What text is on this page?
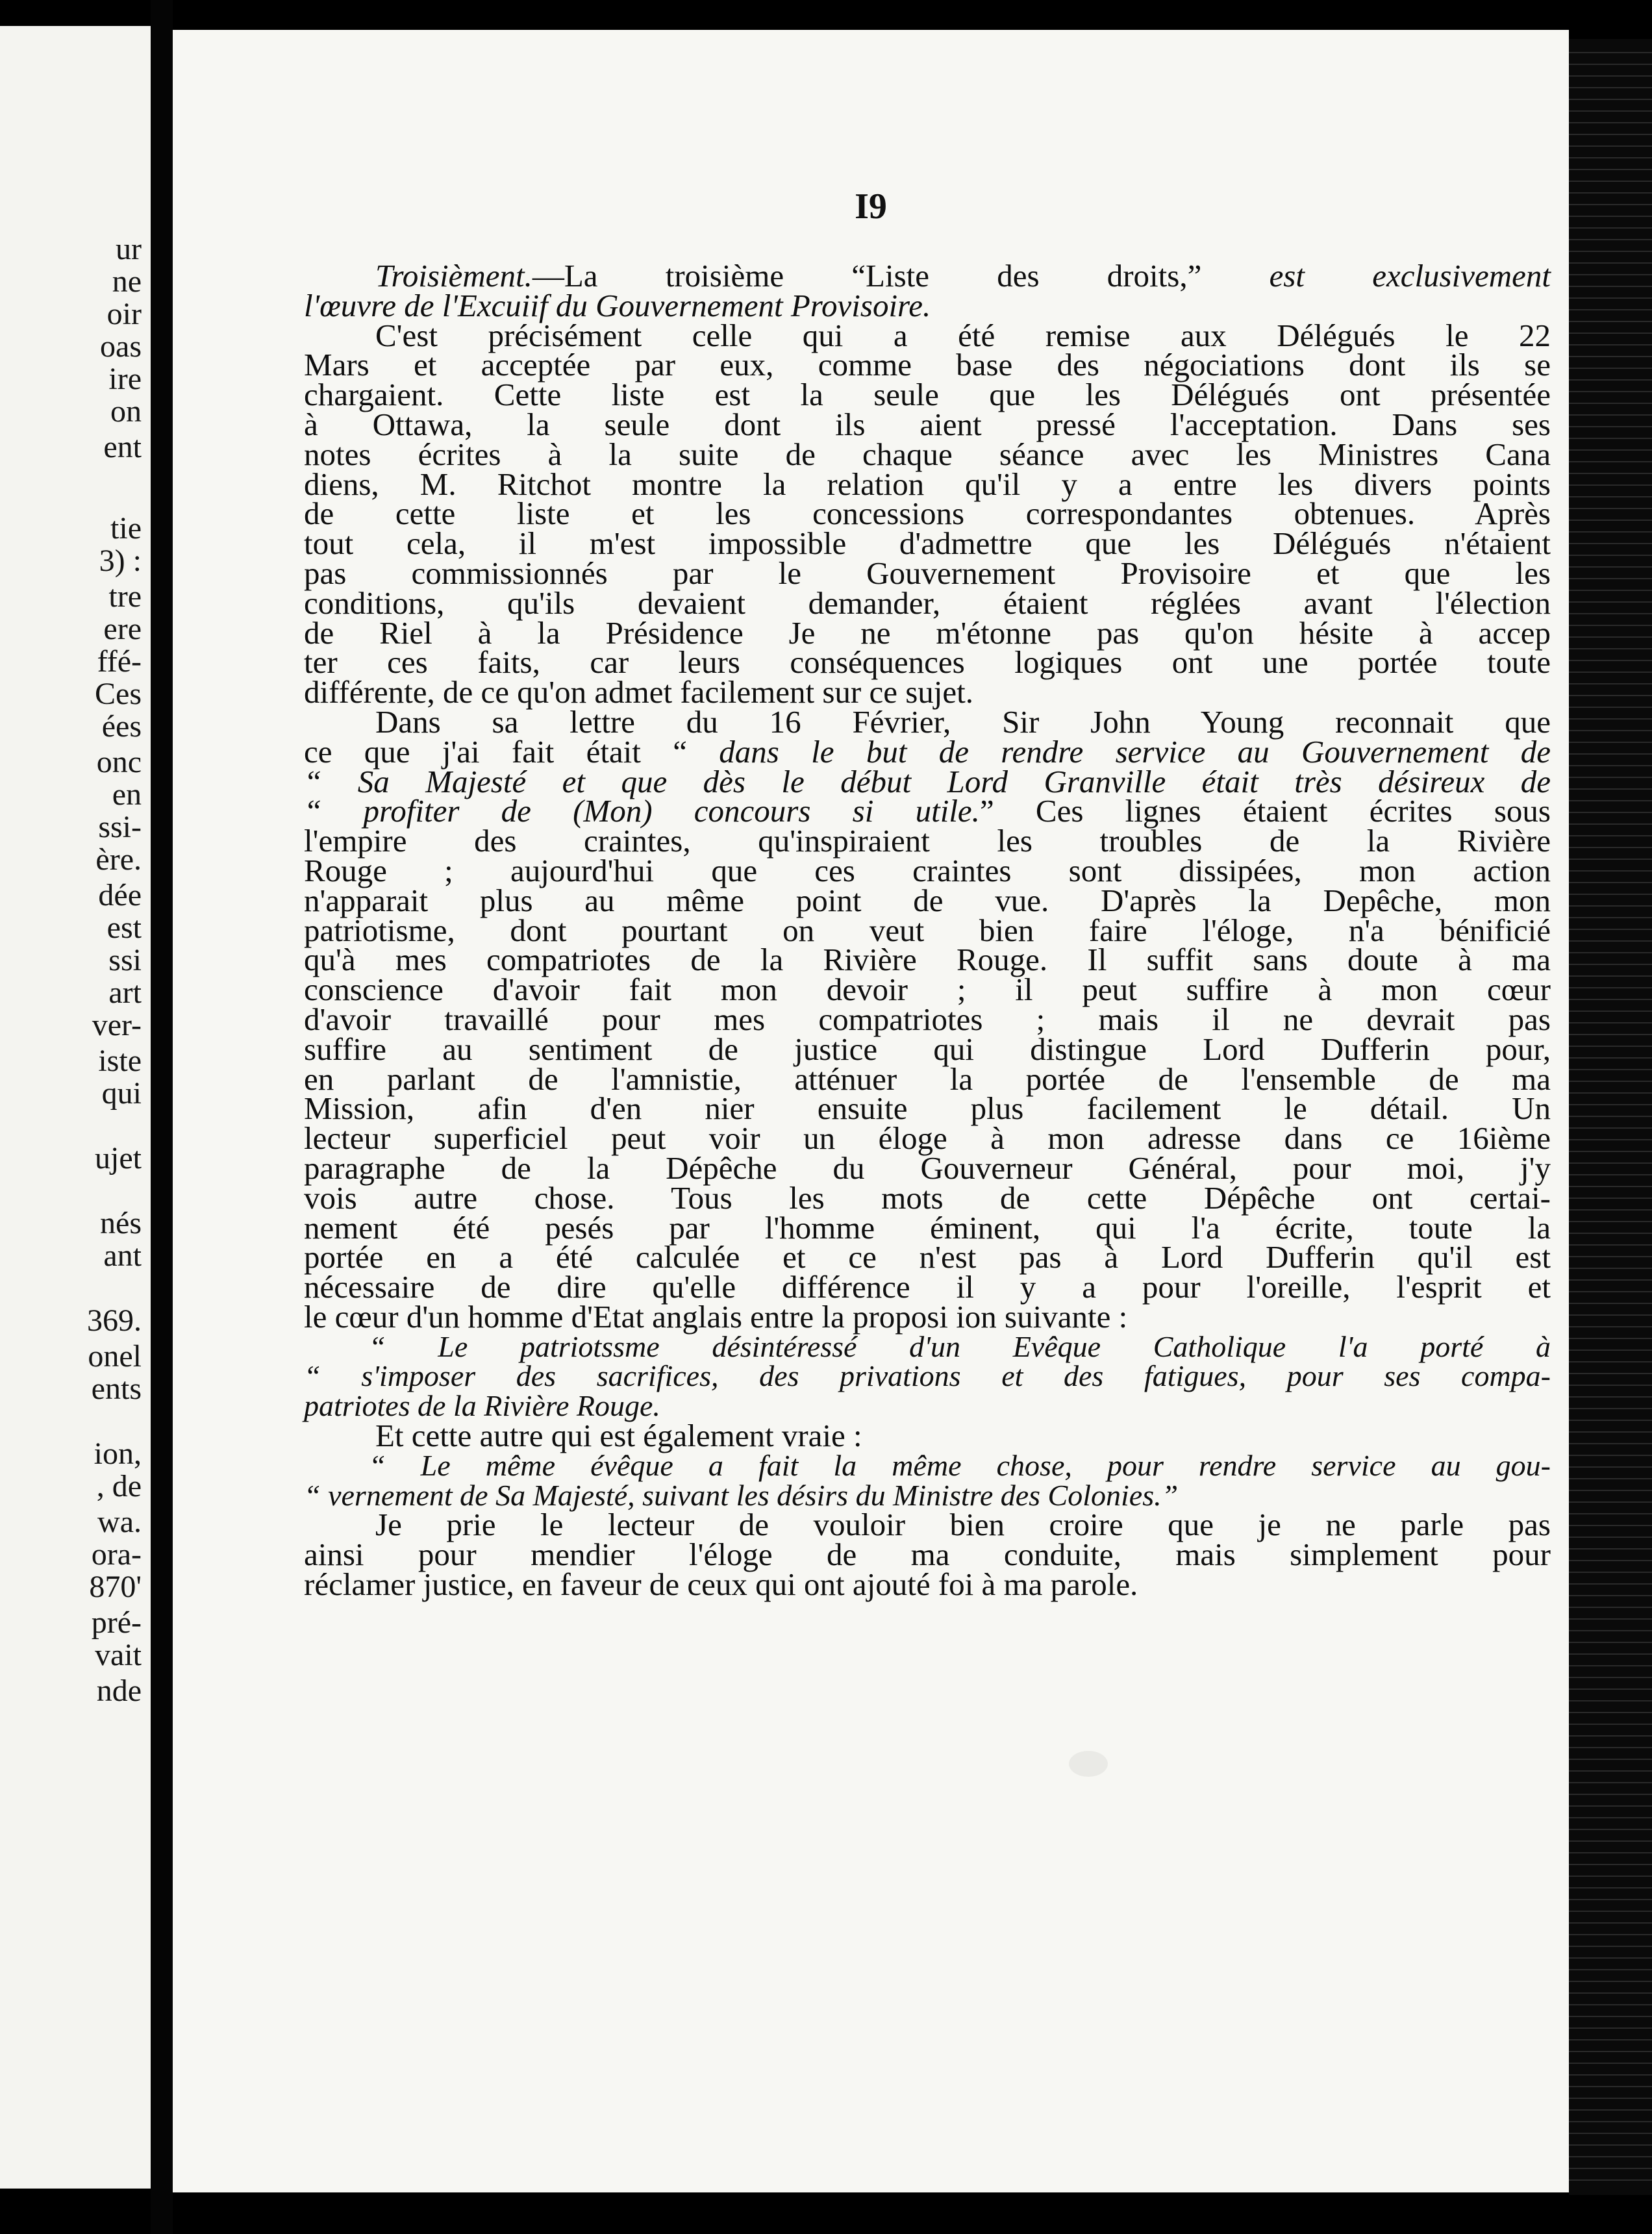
ur
ne
oir
oas
ire
on
ent
tie
3) :
tre
ere
ffé-
Ces
ées
onc
en
ssi-
ère.
dée
est
ssi
art
ver-
iste
qui
ujet
nés
ant
369.
onel
ents
ion,
, de
wa.
ora-
870'
pré-
vait
nde
I9
Troisièment.—La troisième “Liste des droits,” est exclusivement
l'œuvre de l'Excuiif du Gouvernement Provisoire.
C'est précisément celle qui a été remise aux Délégués le 22
Mars et acceptée par eux, comme base des négociations dont ils se
chargaient. Cette liste est la seule que les Délégués ont présentée
à Ottawa, la seule dont ils aient pressé l'acceptation. Dans ses
notes écrites à la suite de chaque séance avec les Ministres Cana
diens, M. Ritchot montre la relation qu'il y a entre les divers points
de cette liste et les concessions correspondantes obtenues. Après
tout cela, il m'est impossible d'admettre que les Délégués n'étaient
pas commissionnés par le Gouvernement Provisoire et que les
conditions, qu'ils devaient demander, étaient réglées avant l'élection
de Riel à la Présidence Je ne m'étonne pas qu'on hésite à accep
ter ces faits, car leurs conséquences logiques ont une portée toute
différente, de ce qu'on admet facilement sur ce sujet.
Dans sa lettre du 16 Février, Sir John Young reconnait que
ce que j'ai fait était “ dans le but de rendre service au Gouvernement de
“ Sa Majesté et que dès le début Lord Granville était très désireux de
“ profiter de (Mon) concours si utile.” Ces lignes étaient écrites sous
l'empire des craintes, qu'inspiraient les troubles de la Rivière
Rouge ; aujourd'hui que ces craintes sont dissipées, mon action
n'apparait plus au même point de vue. D'après la Depêche, mon
patriotisme, dont pourtant on veut bien faire l'éloge, n'a bénificié
qu'à mes compatriotes de la Rivière Rouge. Il suffit sans doute à ma
conscience d'avoir fait mon devoir ; il peut suffire à mon cœur
d'avoir travaillé pour mes compatriotes ; mais il ne devrait pas
suffire au sentiment de justice qui distingue Lord Dufferin pour,
en parlant de l'amnistie, atténuer la portée de l'ensemble de ma
Mission, afin d'en nier ensuite plus facilement le détail. Un
lecteur superficiel peut voir un éloge à mon adresse dans ce 16ième
paragraphe de la Dépêche du Gouverneur Général, pour moi, j'y
vois autre chose. Tous les mots de cette Dépêche ont certai-
nement été pesés par l'homme éminent, qui l'a écrite, toute la
portée en a été calculée et ce n'est pas à Lord Dufferin qu'il est
nécessaire de dire qu'elle différence il y a pour l'oreille, l'esprit et
le cœur d'un homme d'Etat anglais entre la proposi ion suivante :
“ Le patriotssme désintéressé d'un Evêque Catholique l'a porté à
“ s'imposer des sacrifices, des privations et des fatigues, pour ses compa-
patriotes de la Rivière Rouge.
Et cette autre qui est également vraie :
“ Le même évêque a fait la même chose, pour rendre service au gou-
“ vernement de Sa Majesté, suivant les désirs du Ministre des Colonies.”
Je prie le lecteur de vouloir bien croire que je ne parle pas
ainsi pour mendier l'éloge de ma conduite, mais simplement pour
réclamer justice, en faveur de ceux qui ont ajouté foi à ma parole.
